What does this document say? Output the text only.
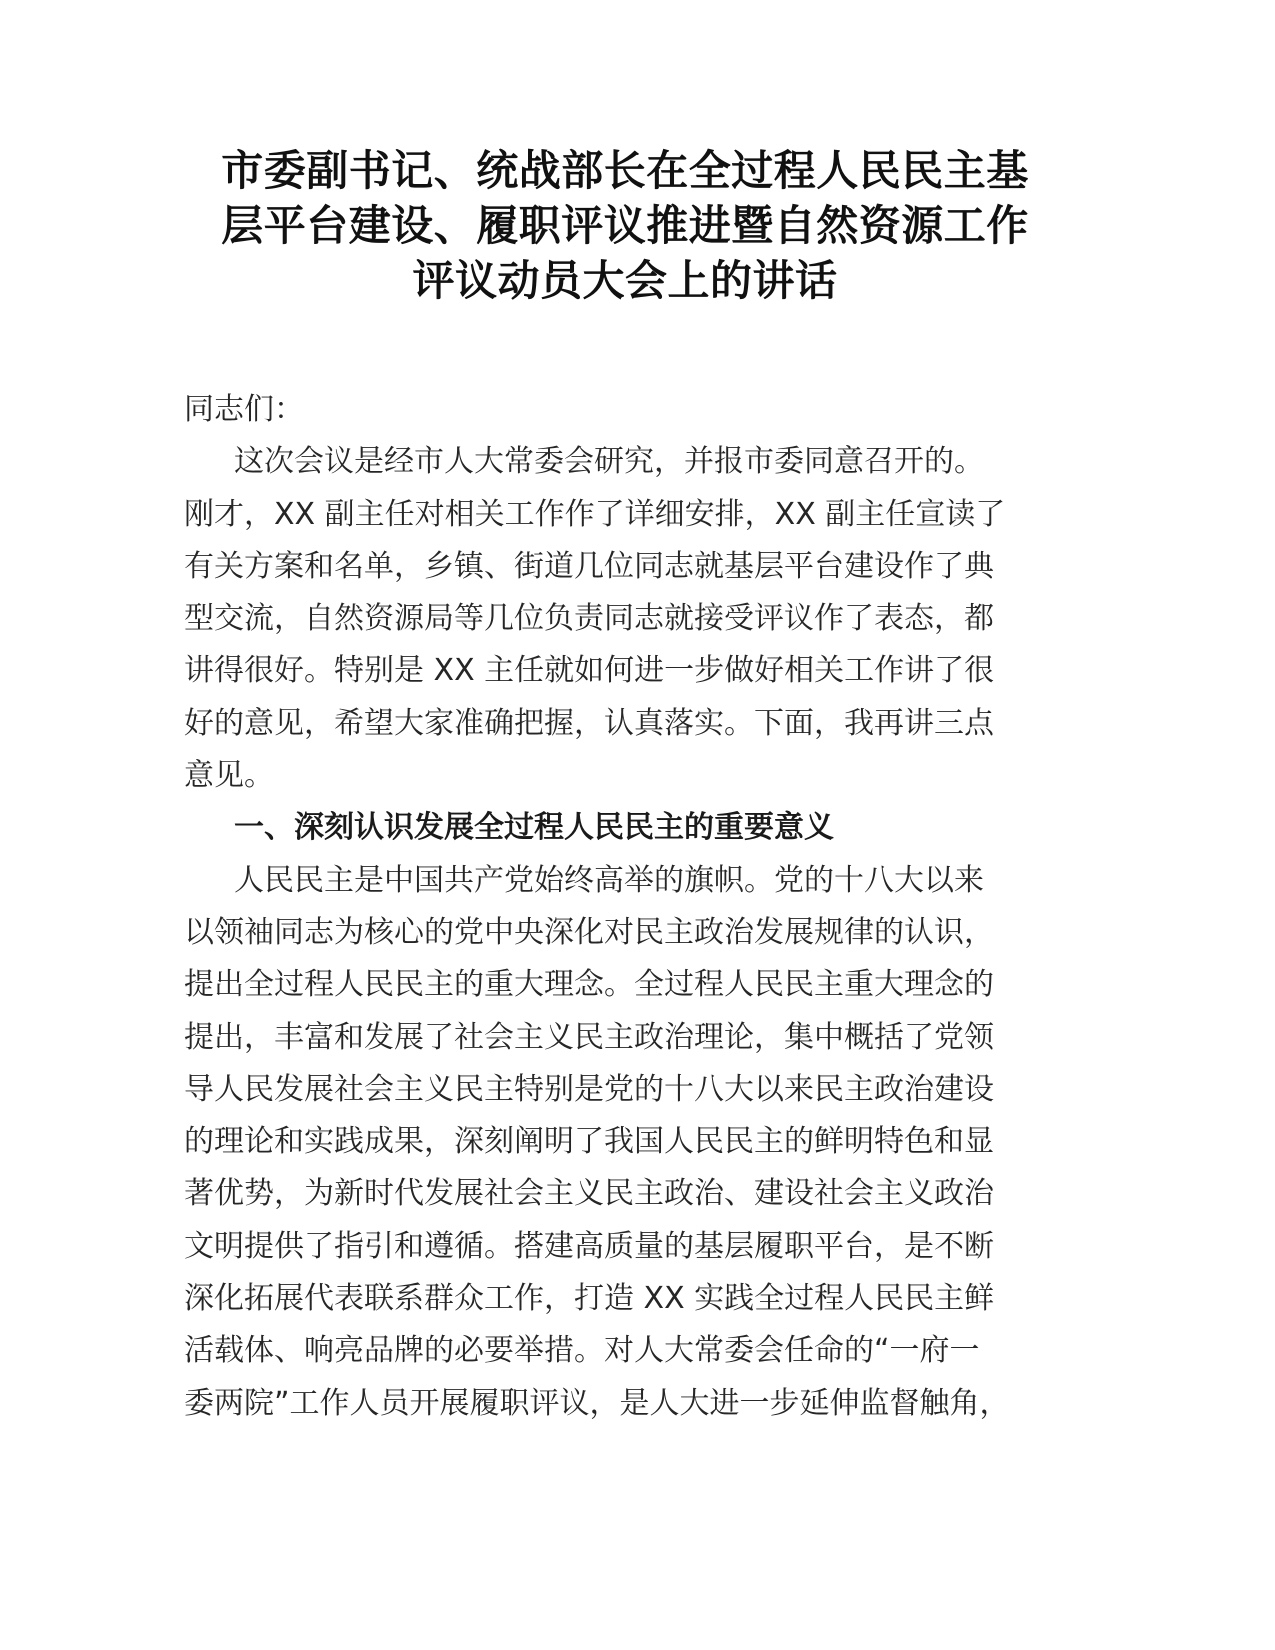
市委副书记、统战部长在全过程人民民主基
层平台建设、履职评议推进暨自然资源工作
评议动员大会上的讲话
同志们：
这次会议是经市人大常委会研究，并报市委同意召开的。
刚才，XX 副主任对相关工作作了详细安排，XX 副主任宣读了
有关方案和名单，乡镇、街道几位同志就基层平台建设作了典
型交流，自然资源局等几位负责同志就接受评议作了表态，都
讲得很好。特别是 XX 主任就如何进一步做好相关工作讲了很
好的意见，希望大家准确把握，认真落实。下面，我再讲三点
意见。
一、深刻认识发展全过程人民民主的重要意义
人民民主是中国共产党始终高举的旗帜。党的十八大以来
以领袖同志为核心的党中央深化对民主政治发展规律的认识，
提出全过程人民民主的重大理念。全过程人民民主重大理念的
提出，丰富和发展了社会主义民主政治理论，集中概括了党领
导人民发展社会主义民主特别是党的十八大以来民主政治建设
的理论和实践成果，深刻阐明了我国人民民主的鲜明特色和显
著优势，为新时代发展社会主义民主政治、建设社会主义政治
文明提供了指引和遵循。搭建高质量的基层履职平台，是不断
深化拓展代表联系群众工作，打造 XX 实践全过程人民民主鲜
活载体、响亮品牌的必要举措。对人大常委会任命的“一府一
委两院”工作人员开展履职评议，是人大进一步延伸监督触角，
